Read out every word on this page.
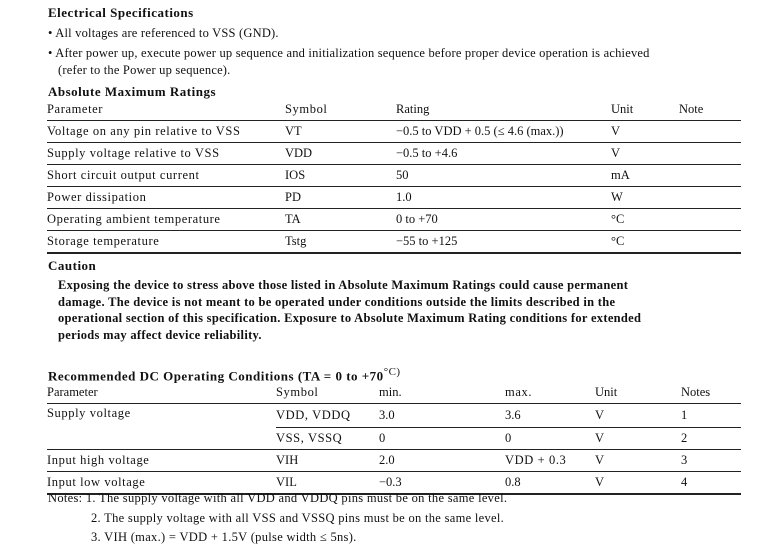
Electrical Specifications
• All voltages are referenced to VSS (GND).
• After power up, execute power up sequence and initialization sequence before proper device operation is achieved
(refer to the Power up sequence).
Absolute Maximum Ratings
Parameter	Symbol	Rating	Unit	Note
Voltage on any pin relative to VSS	VT	−0.5 to VDD + 0.5 (≤ 4.6 (max.))	V	
Supply voltage relative to VSS	VDD	−0.5 to +4.6	V	
Short circuit output current	IOS	50	mA	
Power dissipation	PD	1.0	W	
Operating ambient temperature	TA	0 to +70	°C	
Storage temperature	Tstg	−55 to +125	°C	
Caution
Exposing the device to stress above those listed in Absolute Maximum Ratings could cause permanent damage. The device is not meant to be operated under conditions outside the limits described in the operational section of this specification. Exposure to Absolute Maximum Rating conditions for extended periods may affect device reliability.
Recommended DC Operating Conditions (TA = 0 to $+70^{^\circ C)}$
Parameter	Symbol	min.	max.	Unit	Notes
Supply voltage	VDD, VDDQ	3.0	3.6	V	1
	VSS, VSSQ	0	0	V	2
Input high voltage	VIH	2.0	VDD + 0.3	V	3
Input low voltage	VIL	−0.3	0.8	V	4
Notes: 1. The supply voltage with all VDD and VDDQ pins must be on the same level.
2. The supply voltage with all VSS and VSSQ pins must be on the same level.
3. VIH (max.) = VDD + 1.5V (pulse width ≤ 5ns).
